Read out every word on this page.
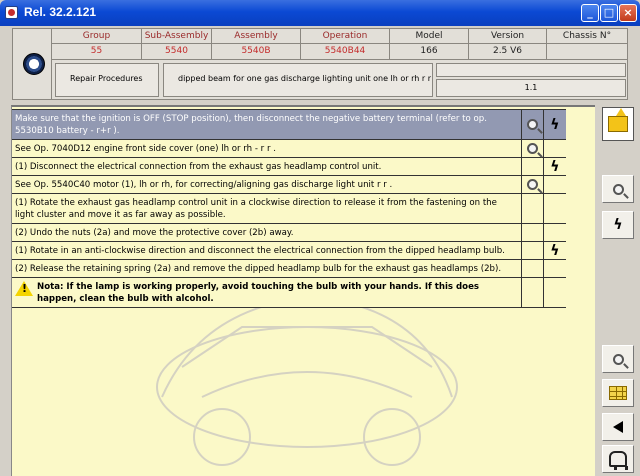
Rel. 32.2.121	_	□ ×
Group	Sub-Assembly	Assembly	Operation	Model	Version	Chassis N°
55	5540	5540B	5540B44	166	2.5 V6
Repair Procedures	dipped beam for one gas discharge lighting unit one lh or rh r r
1.1
Make sure that the ignition is OFF (STOP position), then disconnect the negative battery terminal (refer to op. 5530B10 battery - r+r ).	ϟ
See Op. 7040D12 engine front side cover (one) lh or rh - r r .
(1) Disconnect the electrical connection from the exhaust gas headlamp control unit.	ϟ
See Op. 5540C40 motor (1), lh or rh, for correcting/aligning gas discharge light unit r r .
(1) Rotate the exhaust gas headlamp control unit in a clockwise direction to release it from the fastening on the light cluster and move it as far away as possible.
(2) Undo the nuts (2a) and move the protective cover (2b) away.
(1) Rotate in an anti-clockwise direction and disconnect the electrical connection from the dipped headlamp bulb.	ϟ
(2) Release the retaining spring (2a) and remove the dipped headlamp bulb for the exhaust gas headlamps (2b).
!
Nota: If the lamp is working properly, avoid touching the bulb with your hands. If this does happen, clean the bulb with alcohol.
ϟ
